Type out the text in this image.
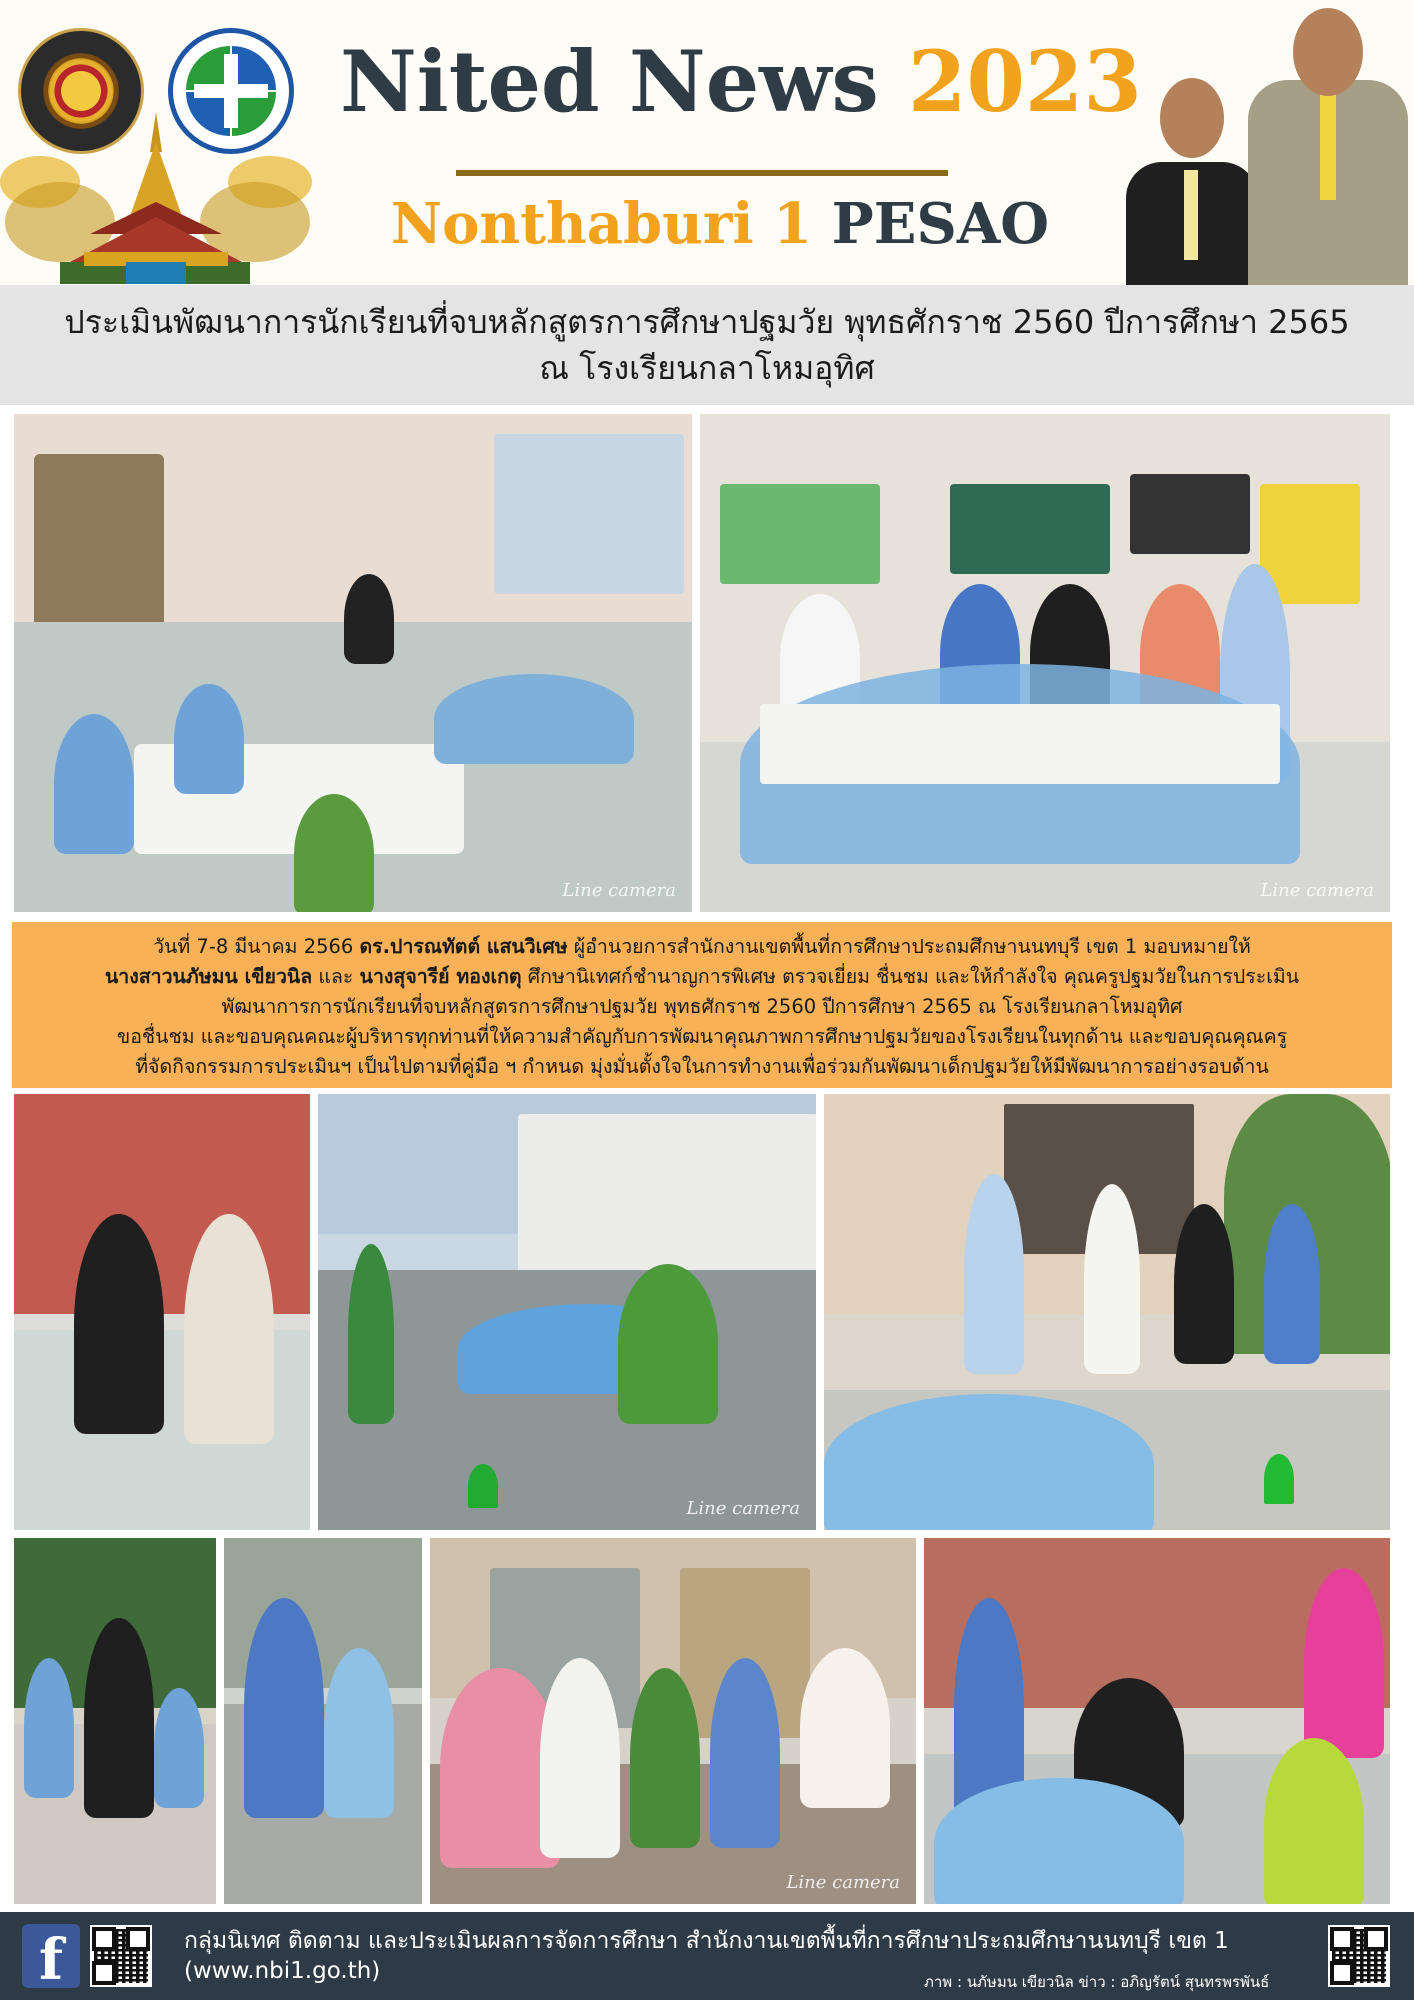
Nited News 2023
Nonthaburi 1 PESAO
ประเมินพัฒนาการนักเรียนที่จบหลักสูตรการศึกษาปฐมวัย พุทธศักราช 2560 ปีการศึกษา 2565
ณ โรงเรียนกลาโหมอุทิศ
Line camera	Line camera
วันที่ 7-8 มีนาคม 2566 ดร.ปารณทัตต์ แสนวิเศษ ผู้อำนวยการสำนักงานเขตพื้นที่การศึกษาประถมศึกษานนทบุรี เขต 1 มอบหมายให้
นางสาวนภัษมน เขียวนิล และ นางสุจารีย์ ทองเกตุ ศึกษานิเทศก์ชำนาญการพิเศษ ตรวจเยี่ยม ชื่นชม และให้กำลังใจ คุณครูปฐมวัยในการประเมิน
พัฒนาการการนักเรียนที่จบหลักสูตรการศึกษาปฐมวัย พุทธศักราช 2560 ปีการศึกษา 2565 ณ โรงเรียนกลาโหมอุทิศ
ขอชื่นชม และขอบคุณคณะผู้บริหารทุกท่านที่ให้ความสำคัญกับการพัฒนาคุณภาพการศึกษาปฐมวัยของโรงเรียนในทุกด้าน และขอบคุณคุณครู
ที่จัดกิจกรรมการประเมินฯ เป็นไปตามที่คู่มือ ฯ กำหนด มุ่งมั่นตั้งใจในการทำงานเพื่อร่วมกันพัฒนาเด็กปฐมวัยให้มีพัฒนาการอย่างรอบด้าน
Line camera
Line camera
f	กลุ่มนิเทศ ติดตาม และประเมินผลการจัดการศึกษา สำนักงานเขตพื้นที่การศึกษาประถมศึกษานนทบุรี เขต 1
(www.nbi1.go.th)	ภาพ : นภัษมน เขียวนิล ข่าว : อภิญรัตน์ สุนทรพรพันธ์
